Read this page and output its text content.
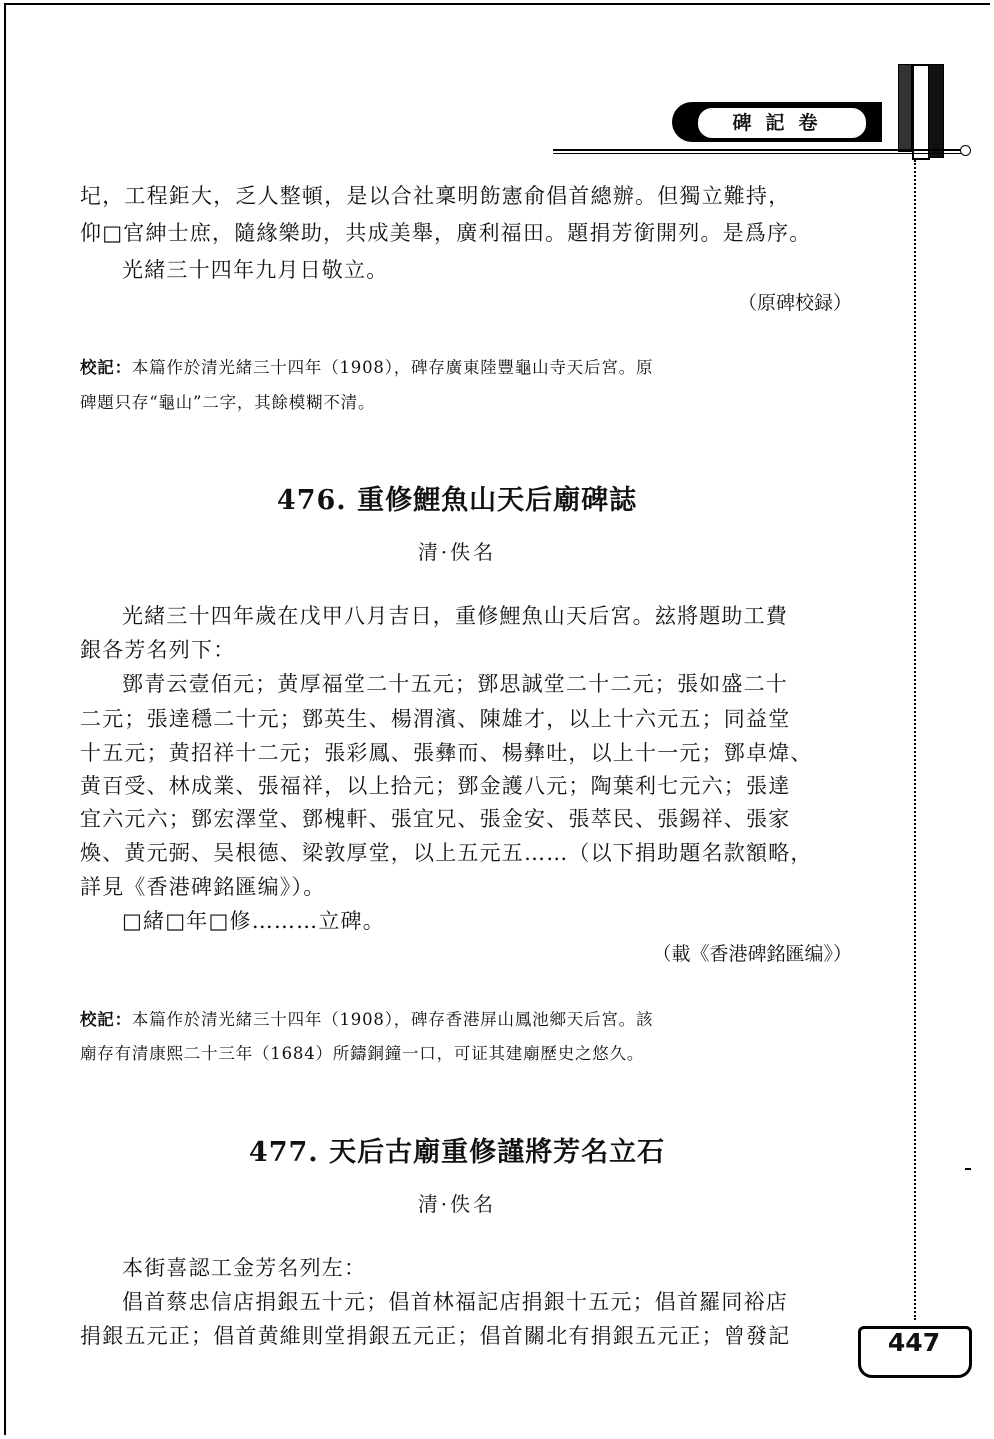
碑記卷
圮，工程鉅大，乏人整頓，是以合社稟明飭憲俞倡首總辦。但獨立難持，
仰□官紳士庶，隨緣樂助，共成美舉，廣利福田。題捐芳銜開列。是爲序。
光緒三十四年九月日敬立。
（原碑校録）
校記：本篇作於清光緒三十四年（1908），碑存廣東陸豐龜山寺天后宮。原
碑題只存“龜山”二字，其餘模糊不清。
476. 重修鯉魚山天后廟碑誌
清·佚名
光緒三十四年歲在戊甲八月吉日，重修鯉魚山天后宮。玆將題助工費
銀各芳名列下：
鄧青云壹佰元；黄厚福堂二十五元；鄧思誠堂二十二元；張如盛二十
二元；張達穩二十元；鄧英生、楊渭濱、陳雄才，以上十六元五；同益堂
十五元；黄招祥十二元；張彩鳳、張彝而、楊彝吐，以上十一元；鄧卓煒、
黄百受、林成業、張福祥，以上拾元；鄧金護八元；陶葉利七元六；張達
宜六元六；鄧宏澤堂、鄧槐軒、張宜兄、張金安、張萃民、張錫祥、張家
煥、黄元弼、吴根德、梁敦厚堂，以上五元五……（以下捐助題名款額略，
詳見《香港碑銘匯编》）。
□緒□年□修………立碑。
（載《香港碑銘匯编》）
校記：本篇作於清光緒三十四年（1908），碑存香港屏山鳳池鄉天后宮。該
廟存有清康熙二十三年（1684）所鑄銅鐘一口，可证其建廟歷史之悠久。
477. 天后古廟重修謹將芳名立石
清·佚名
本街喜認工金芳名列左：
倡首蔡忠信店捐銀五十元；倡首林福記店捐銀十五元；倡首羅同裕店
捐銀五元正；倡首黄維則堂捐銀五元正；倡首關北有捐銀五元正；曾發記	447
